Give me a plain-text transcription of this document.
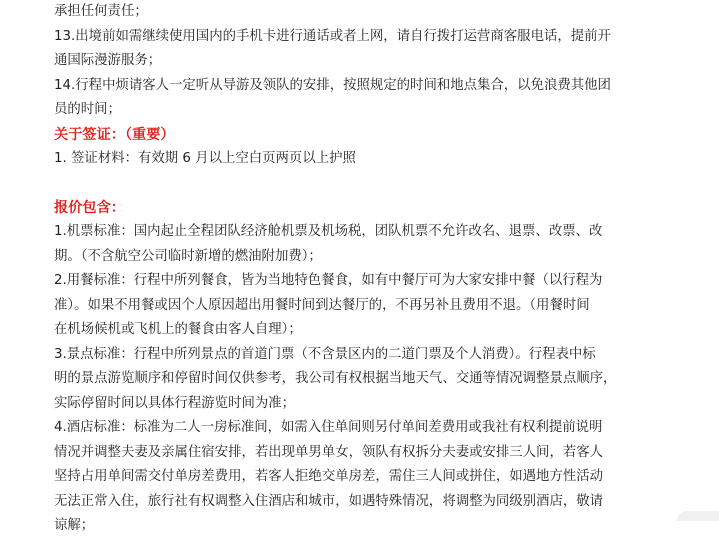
承担任何责任；

13.出境前如需继续使用国内的手机卡进行通话或者上网，请自行拨打运营商客服电话，提前开

通国际漫游服务；

14.行程中烦请客人一定听从导游及领队的安排，按照规定的时间和地点集合，以免浪费其他团

员的时间；

关于签证：（重要）

1. 签证材料：有效期 6 月以上空白页两页以上护照

报价包含：

1.机票标准：国内起止全程团队经济舱机票及机场税，团队机票不允许改名、退票、改票、改

期。（不含航空公司临时新增的燃油附加费）；

2.用餐标准：行程中所列餐食，皆为当地特色餐食，如有中餐厅可为大家安排中餐（以行程为

准）。如果不用餐或因个人原因超出用餐时间到达餐厅的，不再另补且费用不退。（用餐时间

在机场候机或飞机上的餐食由客人自理）；

3.景点标准：行程中所列景点的首道门票（不含景区内的二道门票及个人消费）。行程表中标

明的景点游览顺序和停留时间仅供参考，我公司有权根据当地天气、交通等情况调整景点顺序，

实际停留时间以具体行程游览时间为准；

4.酒店标准：标准为二人一房标准间，如需入住单间则另付单间差费用或我社有权利提前说明

情况并调整夫妻及亲属住宿安排，若出现单男单女，领队有权拆分夫妻或安排三人间，若客人

坚持占用单间需交付单房差费用，若客人拒绝交单房差，需住三人间或拼住，如遇地方性活动

无法正常入住，旅行社有权调整入住酒店和城市，如遇特殊情况，将调整为同级别酒店，敬请

谅解；
